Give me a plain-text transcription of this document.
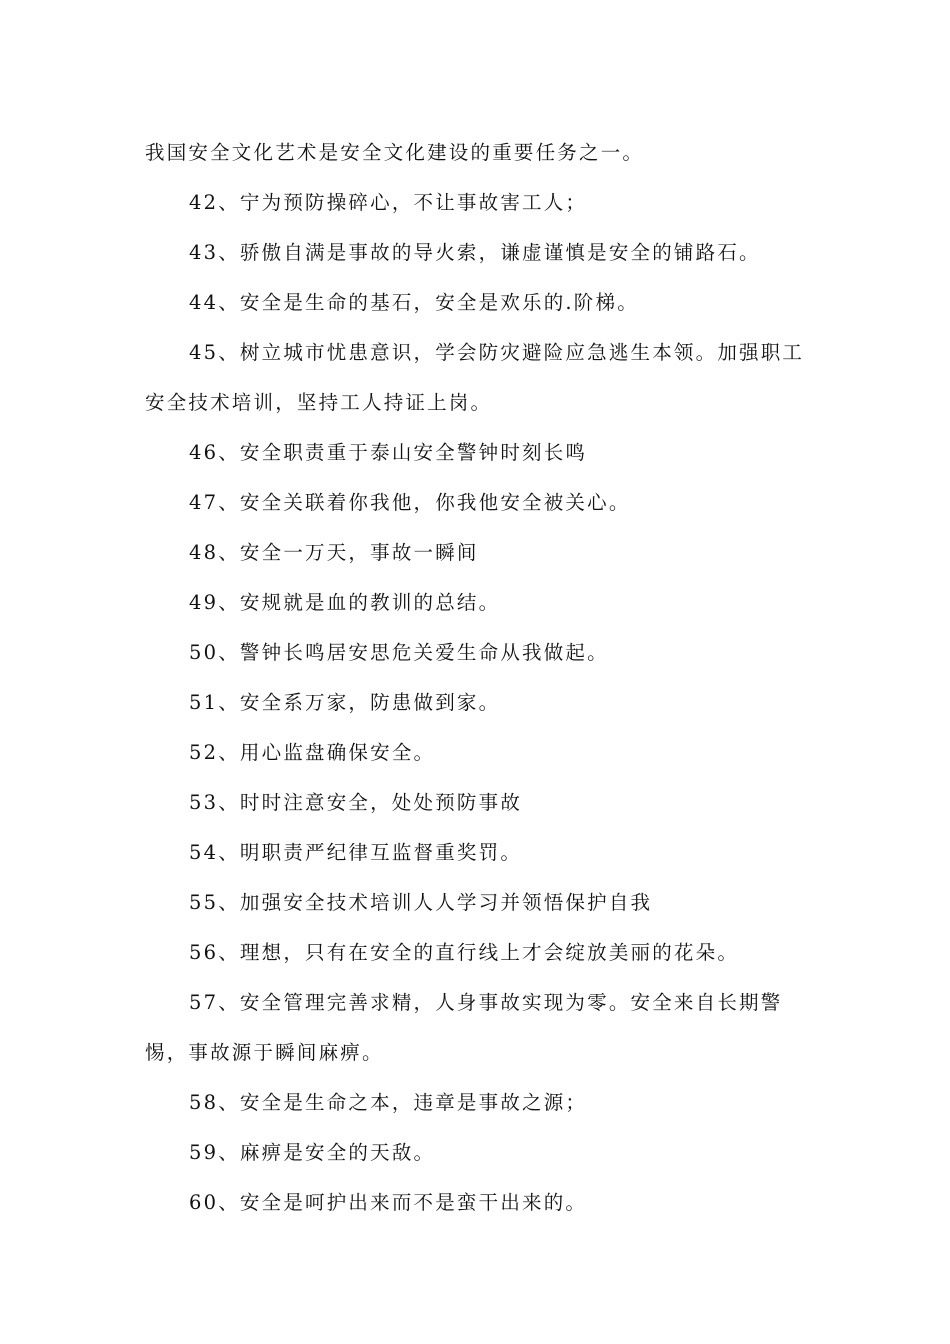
我国安全文化艺术是安全文化建设的重要任务之一。

42、宁为预防操碎心，不让事故害工人；

43、骄傲自满是事故的导火索，谦虚谨慎是安全的铺路石。

44、安全是生命的基石，安全是欢乐的.阶梯。

45、树立城市忧患意识，学会防灾避险应急逃生本领。加强职工安全技术培训，坚持工人持证上岗。

46、安全职责重于泰山安全警钟时刻长鸣

47、安全关联着你我他，你我他安全被关心。

48、安全一万天，事故一瞬间

49、安规就是血的教训的总结。

50、警钟长鸣居安思危关爱生命从我做起。

51、安全系万家，防患做到家。

52、用心监盘确保安全。

53、时时注意安全，处处预防事故

54、明职责严纪律互监督重奖罚。

55、加强安全技术培训人人学习并领悟保护自我

56、理想，只有在安全的直行线上才会绽放美丽的花朵。

57、安全管理完善求精，人身事故实现为零。安全来自长期警惕，事故源于瞬间麻痹。

58、安全是生命之本，违章是事故之源；

59、麻痹是安全的天敌。

60、安全是呵护出来而不是蛮干出来的。
